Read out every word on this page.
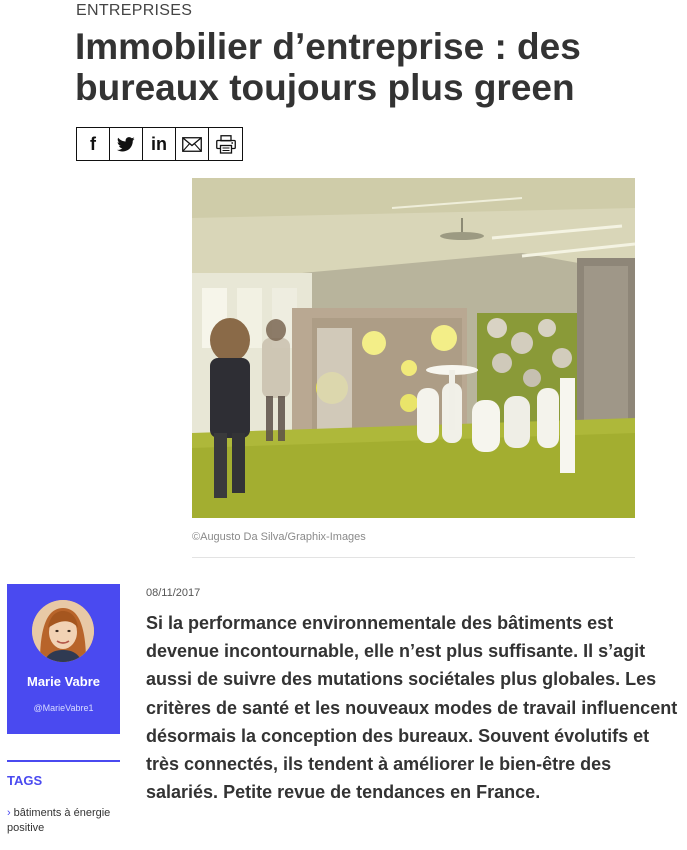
ENTREPRISES
Immobilier d’entreprise : des bureaux toujours plus green
f	in
©Augusto Da Silva/Graphix-Images
Marie Vabre
@MarieVabre1
TAGS
› bâtiments à énergie positive
08/11/2017

Si la performance environnementale des bâtiments est devenue incontournable, elle n’est plus suffisante. Il s’agit aussi de suivre des mutations sociétales plus globales. Les critères de santé et les nouveaux modes de travail influencent désormais la conception des bureaux. Souvent évolutifs et très connectés, ils tendent à améliorer le bien-être des salariés. Petite revue de tendances en France.
